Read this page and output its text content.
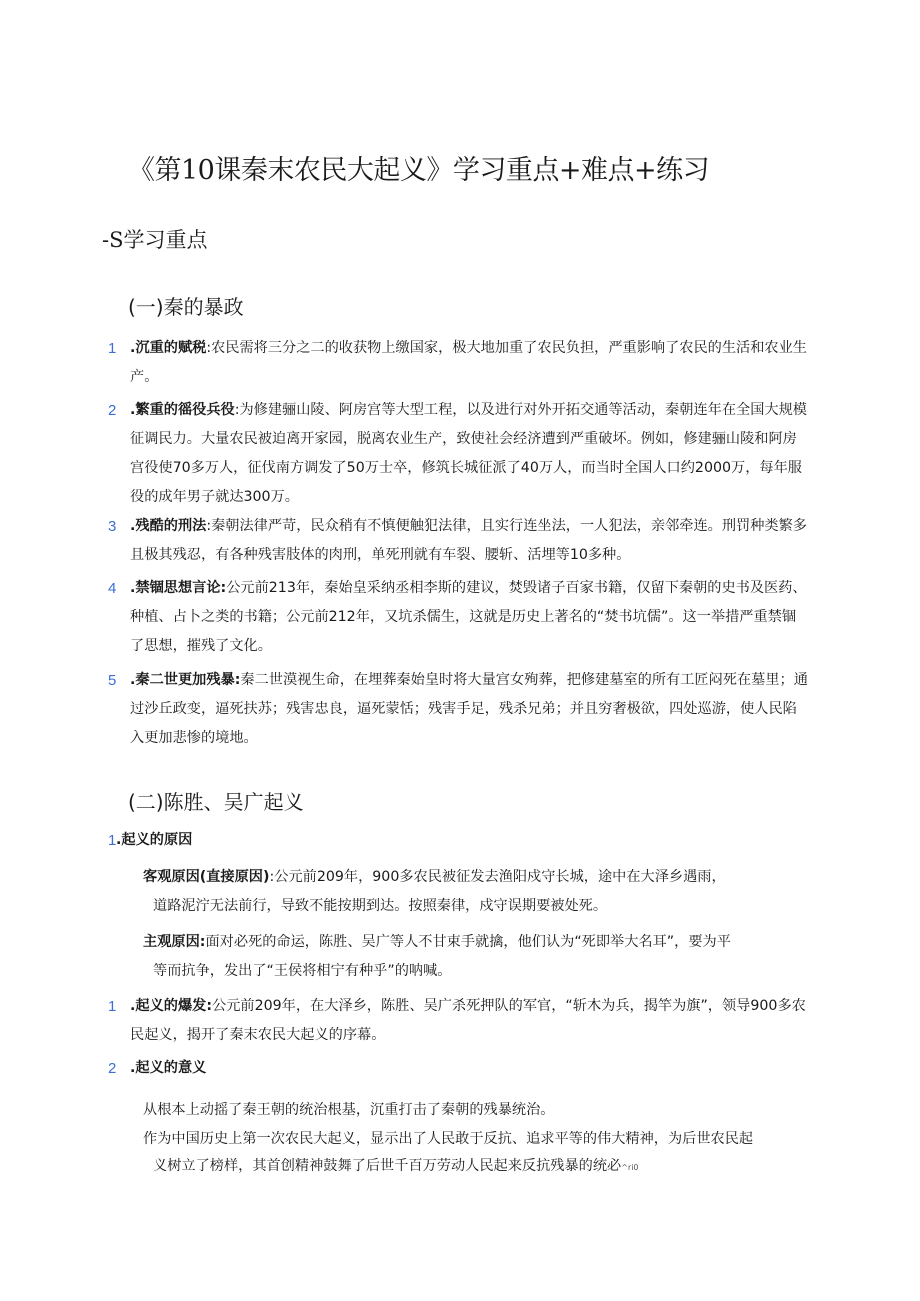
《第10课秦末农民大起义》学习重点+难点+练习
-S学习重点
(一)秦的暴政
1 .沉重的赋税:农民需将三分之二的收获物上缴国家，极大地加重了农民负担，严重影响了农民的生活和农业生产。
2 .繁重的徭役兵役:为修建骊山陵、阿房宫等大型工程，以及进行对外开拓交通等活动，秦朝连年在全国大规模征调民力。大量农民被迫离开家园，脱离农业生产，致使社会经济遭到严重破坏。例如，修建骊山陵和阿房宫役使70多万人，征伐南方调发了50万士卒，修筑长城征派了40万人，而当时全国人口约2000万，每年服役的成年男子就达300万。
3 .残酷的刑法:秦朝法律严苛，民众稍有不慎便触犯法律，且实行连坐法，一人犯法，亲邻牵连。刑罚种类繁多且极其残忍，有各种残害肢体的肉刑，单死刑就有车裂、腰斩、活埋等10多种。
4 .禁锢思想言论:公元前213年，秦始皇采纳丞相李斯的建议，焚毁诸子百家书籍，仅留下秦朝的史书及医药、种植、占卜之类的书籍；公元前212年，又坑杀儒生，这就是历史上著名的“焚书坑儒”。这一举措严重禁锢了思想，摧残了文化。
5 .秦二世更加残暴:秦二世漠视生命，在埋葬秦始皇时将大量宫女殉葬，把修建墓室的所有工匠闷死在墓里；通过沙丘政变，逼死扶苏；残害忠良，逼死蒙恬；残害手足，残杀兄弟；并且穷奢极欲，四处巡游，使人民陷入更加悲惨的境地。
(二)陈胜、吴广起义
1 .起义的原因
客观原因(直接原因):公元前209年，900多农民被征发去渔阳戍守长城，途中在大泽乡遇雨，
道路泥泞无法前行，导致不能按期到达。按照秦律，戍守误期要被处死。
主观原因:面对必死的命运，陈胜、吴广等人不甘束手就擒，他们认为“死即举大名耳”，要为平
等而抗争，发出了“王侯将相宁有种乎”的呐喊。
1 .起义的爆发:公元前209年，在大泽乡，陈胜、吴广杀死押队的军官，“斩木为兵，揭竿为旗”，领导900多农民起义，揭开了秦末农民大起义的序幕。
2 .起义的意义
从根本上动摇了秦王朝的统治根基，沉重打击了秦朝的残暴统治。
作为中国历史上第一次农民大起义，显示出了人民敢于反抗、追求平等的伟大精神，为后世农民起
义树立了榜样，其首创精神鼓舞了后世千百万劳动人民起来反抗残暴的统必^ri0
